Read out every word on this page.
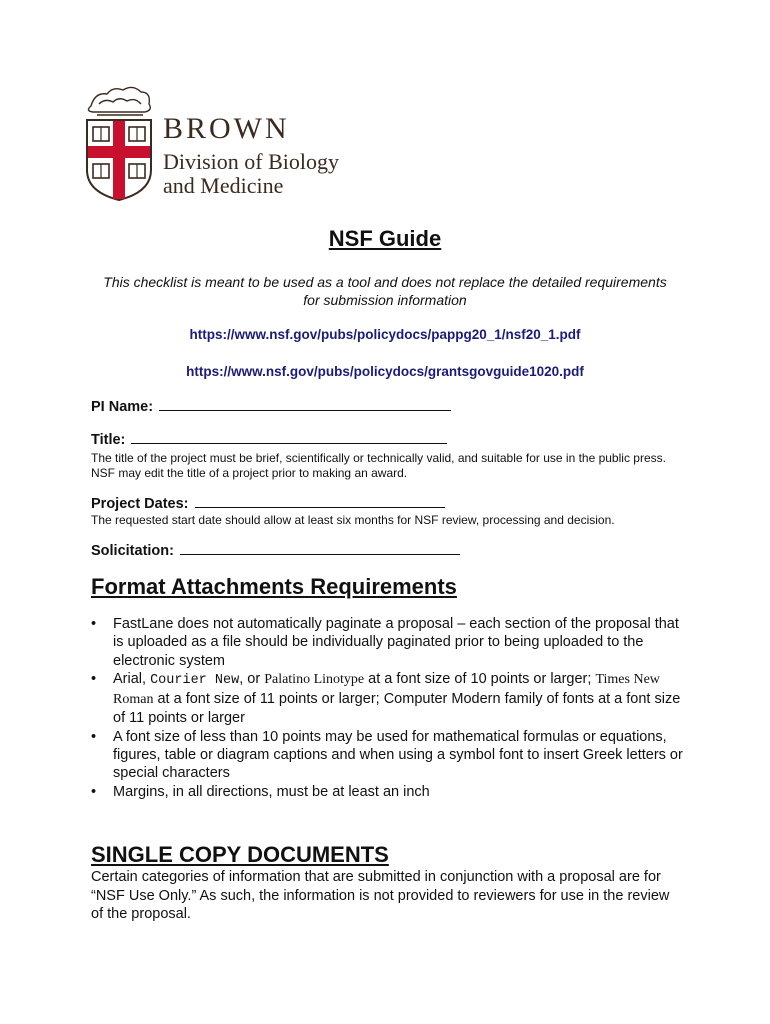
BROWN
Division of Biology
and Medicine
NSF Guide
This checklist is meant to be used as a tool and does not replace the detailed requirements for submission information
https://www.nsf.gov/pubs/policydocs/pappg20_1/nsf20_1.pdf
https://www.nsf.gov/pubs/policydocs/grantsgovguide1020.pdf
PI Name:
Title:
The title of the project must be brief, scientifically or technically valid, and suitable for use in the public press. NSF may edit the title of a project prior to making an award.
Project Dates:
The requested start date should allow at least six months for NSF review, processing and decision.
Solicitation:
Format Attachments Requirements
• FastLane does not automatically paginate a proposal – each section of the proposal that is uploaded as a file should be individually paginated prior to being uploaded to the electronic system
• Arial, Courier New, or Palatino Linotype at a font size of 10 points or larger; Times New Roman at a font size of 11 points or larger; Computer Modern family of fonts at a font size of 11 points or larger
• A font size of less than 10 points may be used for mathematical formulas or equations, figures, table or diagram captions and when using a symbol font to insert Greek letters or special characters
• Margins, in all directions, must be at least an inch
SINGLE COPY DOCUMENTS
Certain categories of information that are submitted in conjunction with a proposal are for “NSF Use Only.” As such, the information is not provided to reviewers for use in the review of the proposal.
